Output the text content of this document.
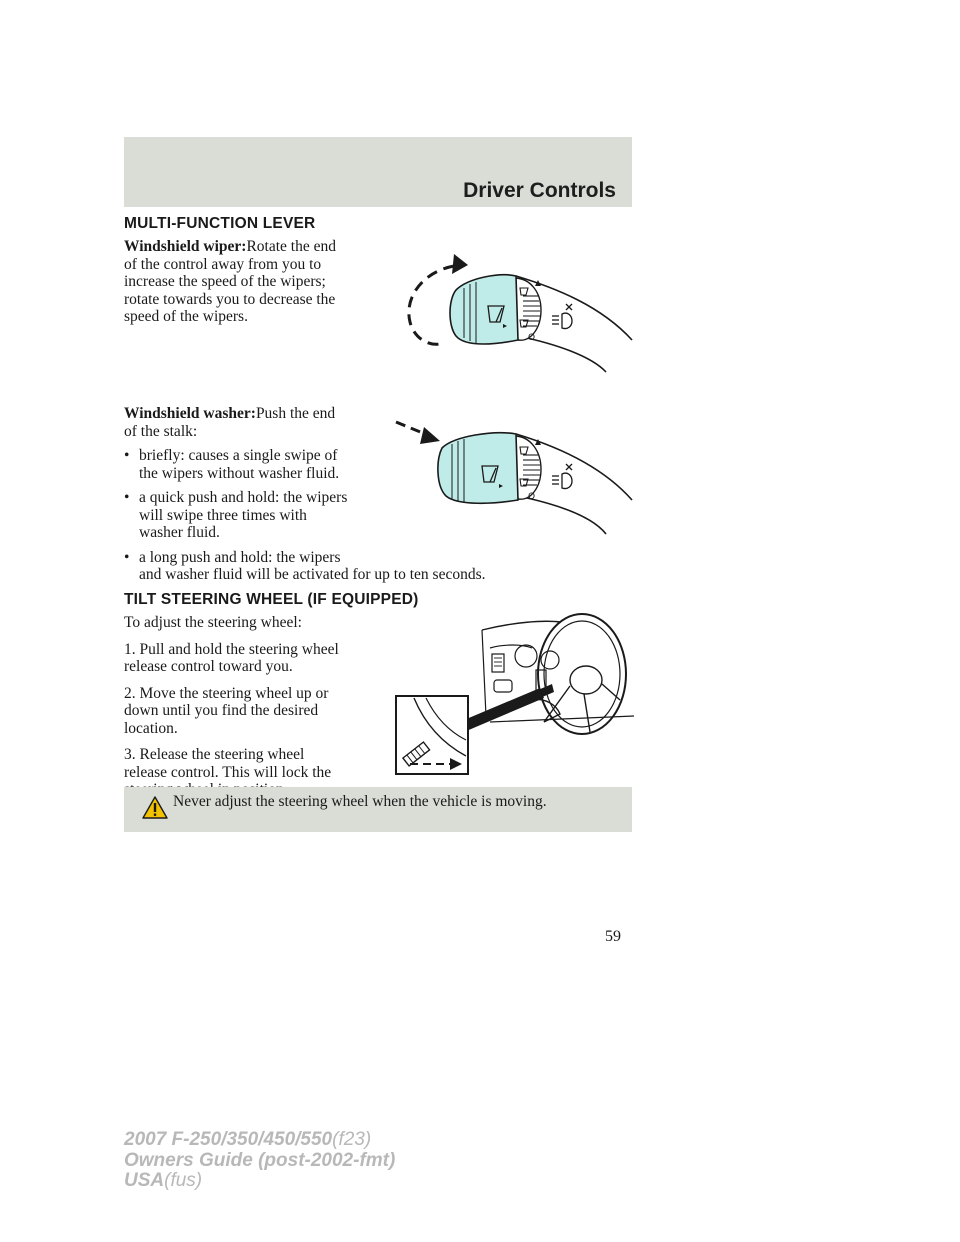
Driver Controls
MULTI-FUNCTION LEVER

Windshield wiper:Rotate the end

of the control away from you to

increase the speed of the wipers;

rotate towards you to decrease the

speed of the wipers.

O

Windshield washer:Push the end

of the stalk:

• briefly: causes a single swipe of

the wipers without washer fluid.

• a quick push and hold: the wipers

will swipe three times with

washer fluid.

• a long push and hold: the wipers

and washer fluid will be activated for up to ten seconds.

O
TILT STEERING WHEEL (IF EQUIPPED)

To adjust the steering wheel:

1. Pull and hold the steering wheel

release control toward you.

2. Move the steering wheel up or

down until you find the desired

location.

3. Release the steering wheel

release control. This will lock the

Never adjust the steering wheel when the vehicle is moving.
59
2007 F-250/350/450/550(f23)
Owners Guide (post-2002-fmt)
USA(fus)
